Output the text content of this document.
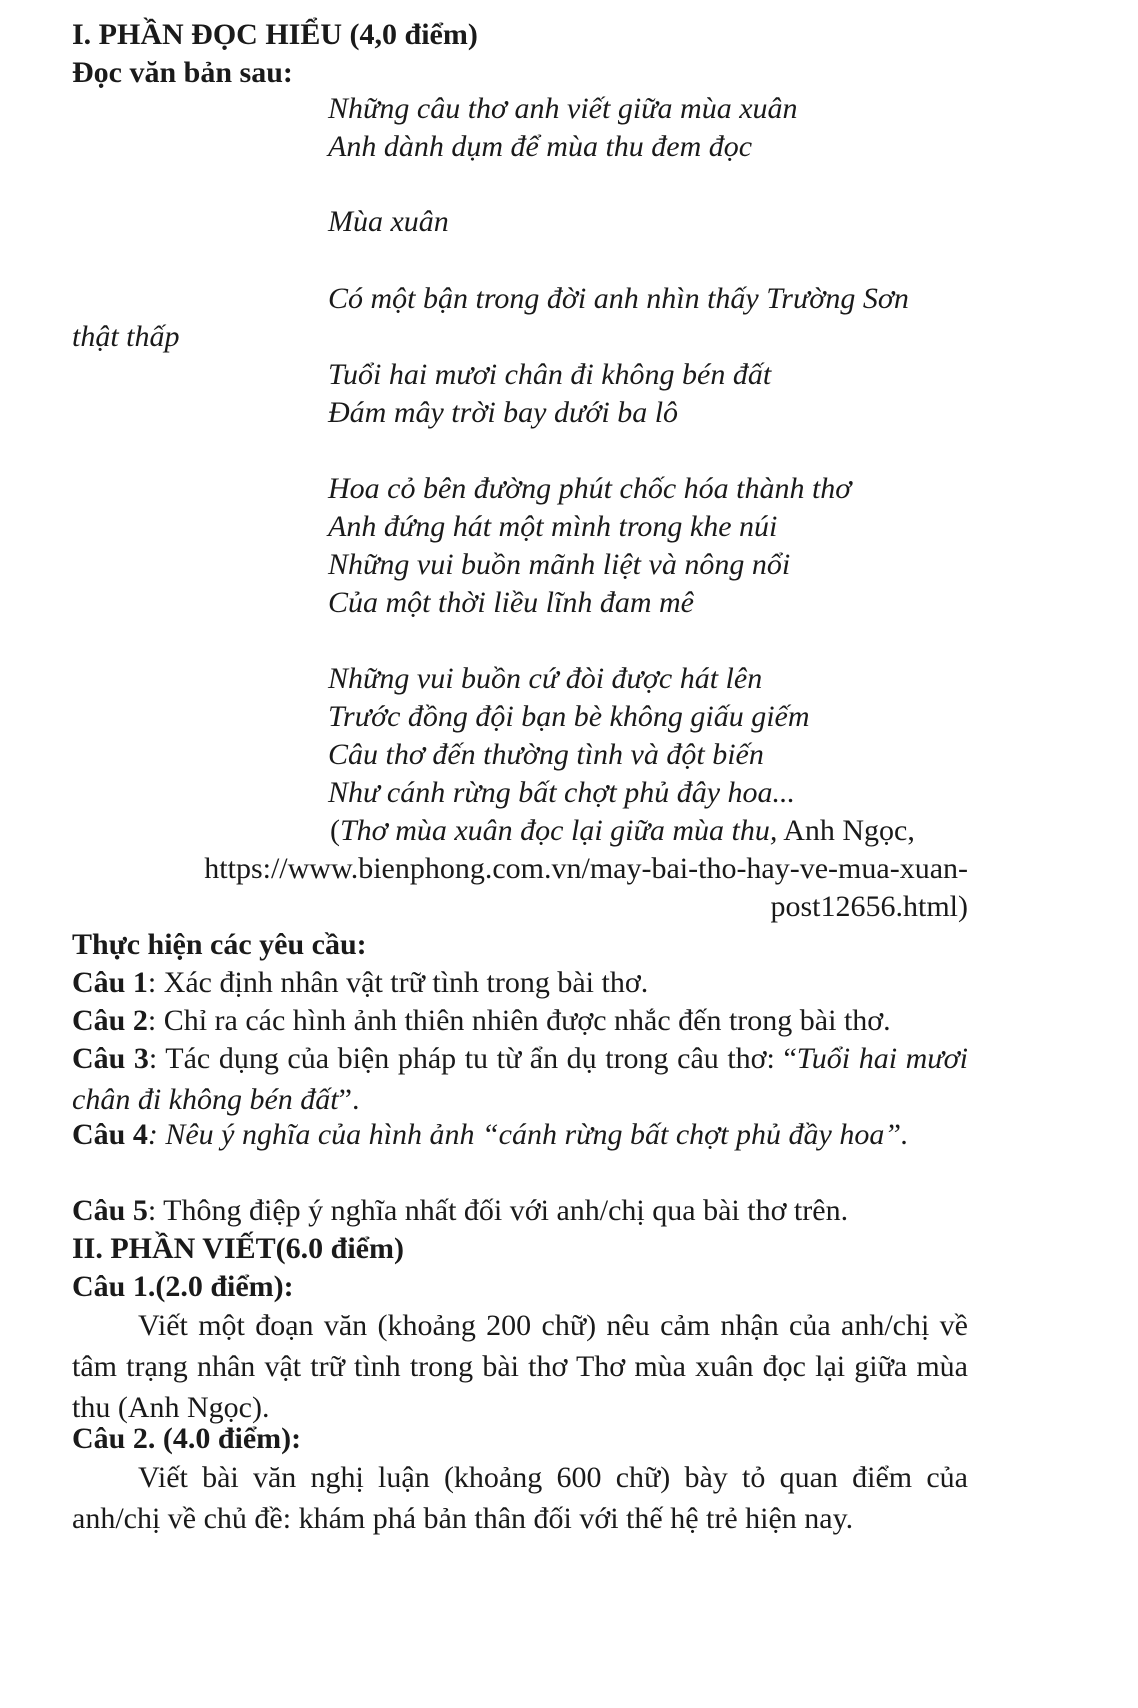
I. PHẦN ĐỌC HIỂU (4,0 điểm)
Đọc văn bản sau:
Những câu thơ anh viết giữa mùa xuân
Anh dành dụm để mùa thu đem đọc
Mùa xuân
Có một bận trong đời anh nhìn thấy Trường Sơn
thật thấp
Tuổi hai mươi chân đi không bén đất
Đám mây trời bay dưới ba lô
Hoa cỏ bên đường phút chốc hóa thành thơ
Anh đứng hát một mình trong khe núi
Những vui buồn mãnh liệt và nông nổi
Của một thời liều lĩnh đam mê
Những vui buồn cứ đòi được hát lên
Trước đồng đội bạn bè không giấu giếm
Câu thơ đến thường tình và đột biến
Như cánh rừng bất chợt phủ đây hoa...
(Thơ mùa xuân đọc lại giữa mùa thu, Anh Ngọc,
https://www.bienphong.com.vn/may-bai-tho-hay-ve-mua-xuan-
post12656.html)
Thực hiện các yêu cầu:
Câu 1: Xác định nhân vật trữ tình trong bài thơ.
Câu 2: Chỉ ra các hình ảnh thiên nhiên được nhắc đến trong bài thơ.
Câu 3: Tác dụng của biện pháp tu từ ẩn dụ trong câu thơ: “Tuổi hai mươi chân đi không bén đất”.
Câu 4: Nêu ý nghĩa của hình ảnh “cánh rừng bất chợt phủ đầy hoa”.
Câu 5: Thông điệp ý nghĩa nhất đối với anh/chị qua bài thơ trên.
II. PHẦN VIẾT(6.0 điểm)
Câu 1.(2.0 điểm):
Viết một đoạn văn (khoảng 200 chữ) nêu cảm nhận của anh/chị về tâm trạng nhân vật trữ tình trong bài thơ Thơ mùa xuân đọc lại giữa mùa thu (Anh Ngọc).
Câu 2. (4.0 điểm):
Viết bài văn nghị luận (khoảng 600 chữ) bày tỏ quan điểm của anh/chị về chủ đề: khám phá bản thân đối với thế hệ trẻ hiện nay.
